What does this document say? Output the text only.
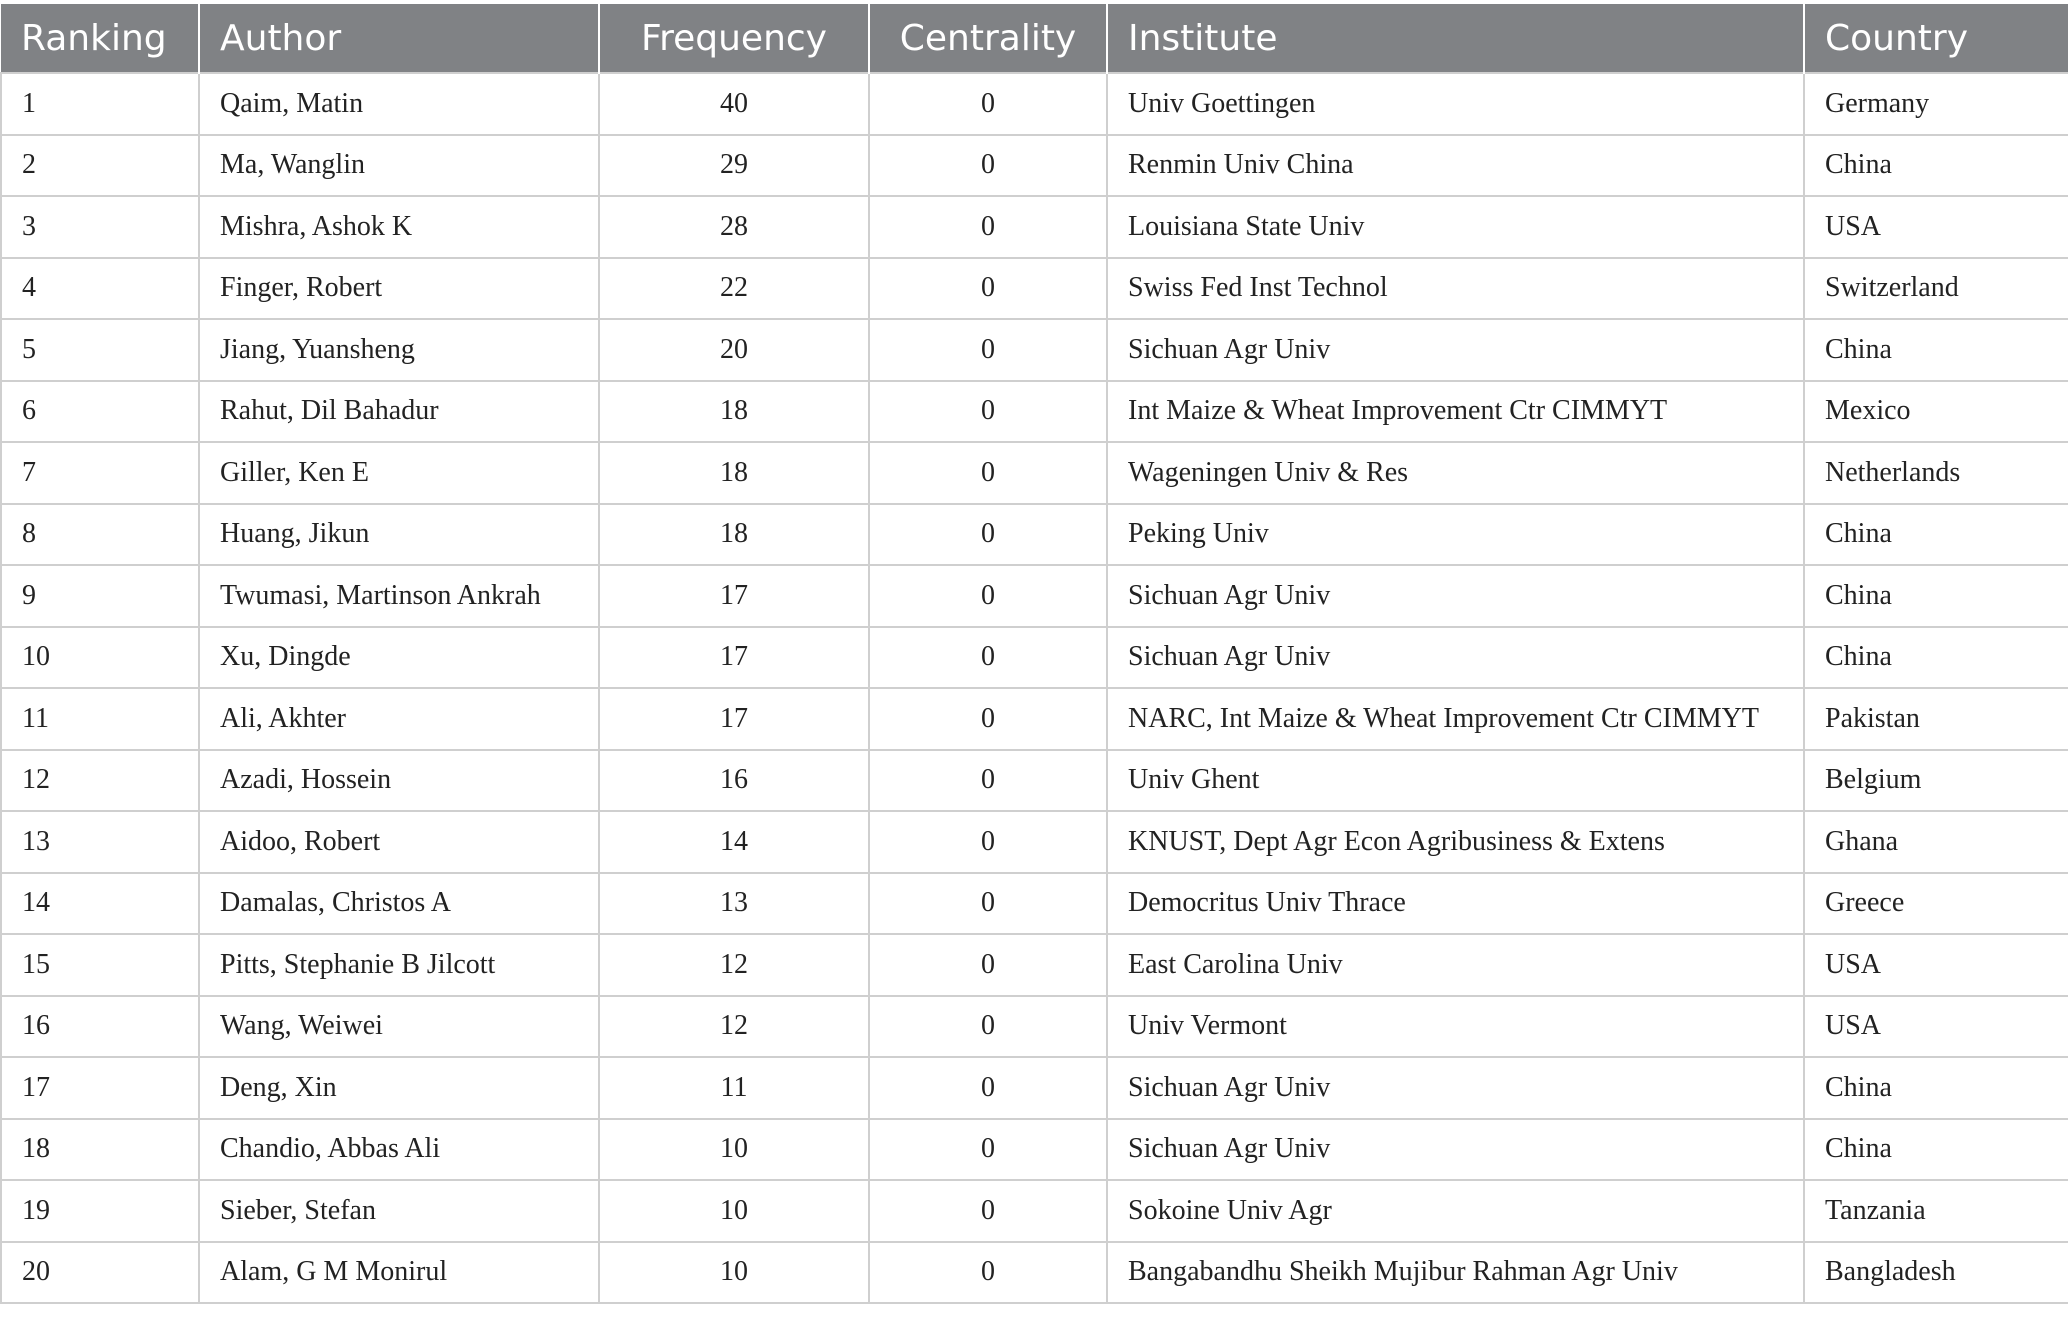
Ranking	Author	Frequency	Centrality	Institute	Country
1	Qaim, Matin	40	0	Univ Goettingen	Germany
2	Ma, Wanglin	29	0	Renmin Univ China	China
3	Mishra, Ashok K	28	0	Louisiana State Univ	USA
4	Finger, Robert	22	0	Swiss Fed Inst Technol	Switzerland
5	Jiang, Yuansheng	20	0	Sichuan Agr Univ	China
6	Rahut, Dil Bahadur	18	0	Int Maize & Wheat Improvement Ctr CIMMYT	Mexico
7	Giller, Ken E	18	0	Wageningen Univ & Res	Netherlands
8	Huang, Jikun	18	0	Peking Univ	China
9	Twumasi, Martinson Ankrah	17	0	Sichuan Agr Univ	China
10	Xu, Dingde	17	0	Sichuan Agr Univ	China
11	Ali, Akhter	17	0	NARC, Int Maize & Wheat Improvement Ctr CIMMYT	Pakistan
12	Azadi, Hossein	16	0	Univ Ghent	Belgium
13	Aidoo, Robert	14	0	KNUST, Dept Agr Econ Agribusiness & Extens	Ghana
14	Damalas, Christos A	13	0	Democritus Univ Thrace	Greece
15	Pitts, Stephanie B Jilcott	12	0	East Carolina Univ	USA
16	Wang, Weiwei	12	0	Univ Vermont	USA
17	Deng, Xin	11	0	Sichuan Agr Univ	China
18	Chandio, Abbas Ali	10	0	Sichuan Agr Univ	China
19	Sieber, Stefan	10	0	Sokoine Univ Agr	Tanzania
20	Alam, G M Monirul	10	0	Bangabandhu Sheikh Mujibur Rahman Agr Univ	Bangladesh
